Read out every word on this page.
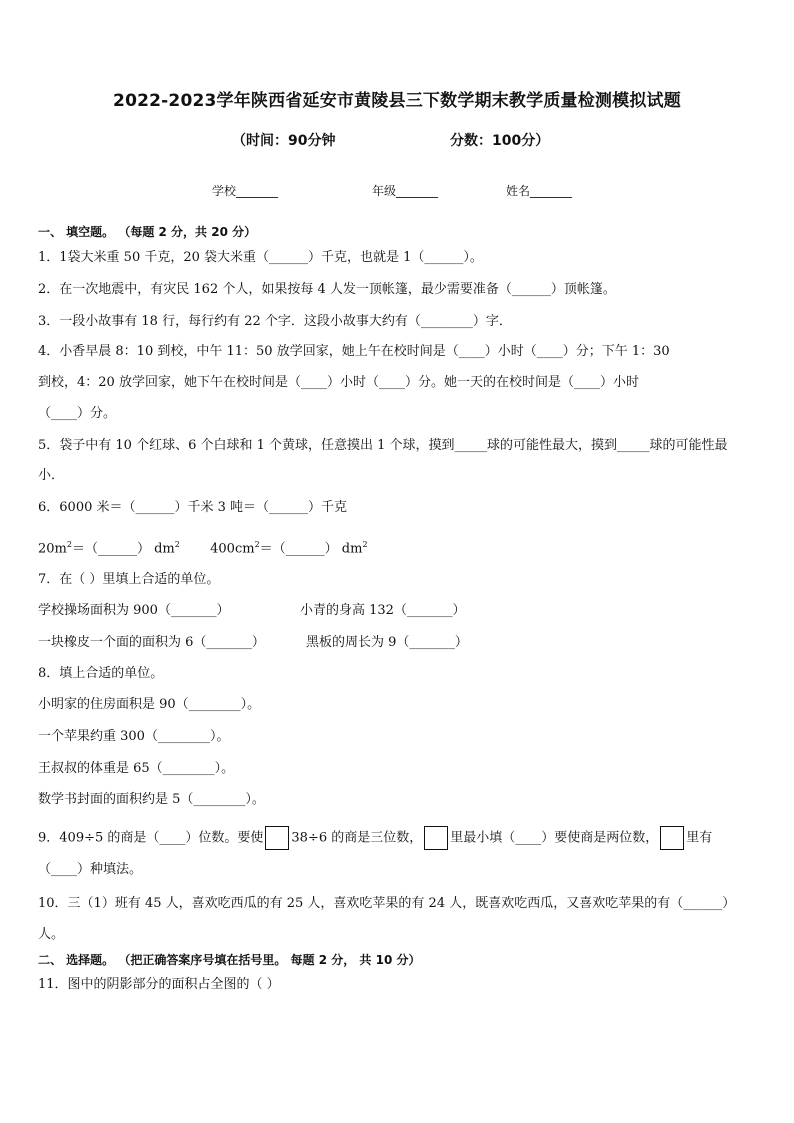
2022-2023学年陕西省延安市黄陵县三下数学期末教学质量检测模拟试题
（时间：90分钟	分数：100分）
学校_______	年级_______	姓名_______
一、 填空题。 （每题 2 分，共 20 分）
1．1袋大米重 50 千克，20 袋大米重（______）千克，也就是 1（______）。
2．在一次地震中，有灾民 162 个人，如果按每 4 人发一顶帐篷，最少需要准备（______）顶帐篷。
3．一段小故事有 18 行，每行约有 22 个字．这段小故事大约有（________）字．
4．小香早晨 8：10 到校，中午 11：50 放学回家，她上午在校时间是（____）小时（____）分；下午 1：30
到校，4：20 放学回家，她下午在校时间是（____）小时（____）分。她一天的在校时间是（____）小时
（____）分。
5．袋子中有 10 个红球、6 个白球和 1 个黄球，任意摸出 1 个球，摸到_____球的可能性最大，摸到_____球的可能性最
小．
6．6000 米＝（______）千米 3 吨＝（______）千克
$20m^2=(\_\_\_\_\_\_)$ $dm^2$ $400cm^2=(\_\_\_\_\_\_)$ $dm^2$
7．在（ ）里填上合适的单位。
学校操场面积为 900（_______）	小青的身高 132（_______）
一块橡皮一个面的面积为 6（_______）	黑板的周长为 9（_______）
8．填上合适的单位。
小明家的住房面积是 90（________）。
一个苹果约重 300（________）。
王叔叔的体重是 65（________）。
数学书封面的面积约是 5（________）。
9．409÷5 的商是（____）位数。要使 38÷6 的商是三位数， 里最小填（____）要使商是两位数， 里有
（____）种填法。
10．三（1）班有 45 人，喜欢吃西瓜的有 25 人，喜欢吃苹果的有 24 人，既喜欢吃西瓜，又喜欢吃苹果的有（______）
人。
二、 选择题。 （把正确答案序号填在括号里。 每题 2 分， 共 10 分）
11．图中的阴影部分的面积占全图的（ ）
